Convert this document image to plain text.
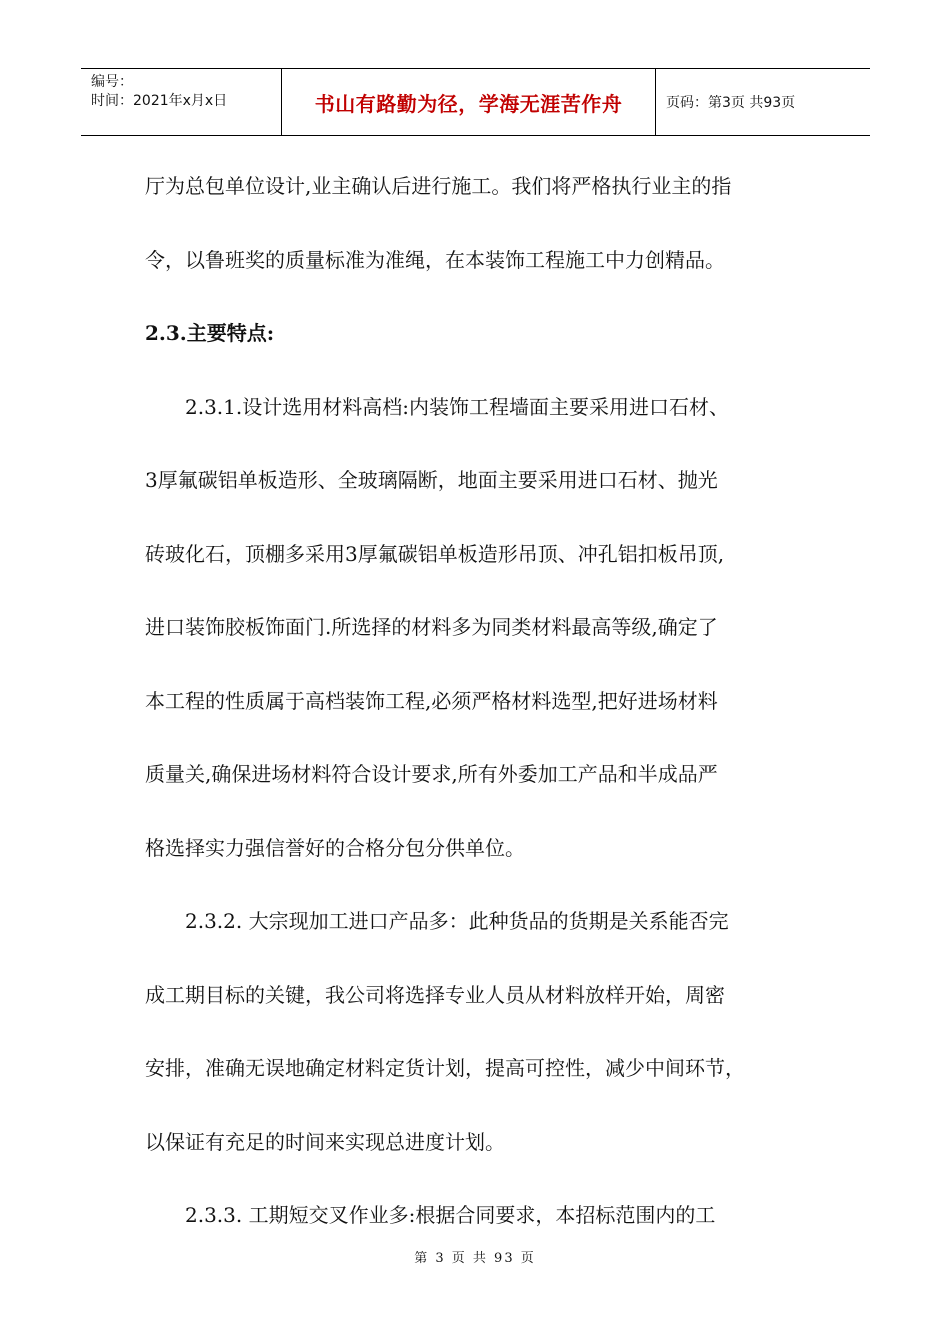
编号：
时间：2021年x月x日	书山有路勤为径，学海无涯苦作舟	页码：第3页 共93页
厅为总包单位设计,业主确认后进行施工。我们将严格执行业主的指
令，以鲁班奖的质量标准为准绳，在本装饰工程施工中力创精品。
2.3.主要特点:
　　2.3.1.设计选用材料高档:内装饰工程墙面主要采用进口石材、
3厚氟碳铝单板造形、全玻璃隔断，地面主要采用进口石材、抛光
砖玻化石，顶棚多采用3厚氟碳铝单板造形吊顶、冲孔铝扣板吊顶,
进口装饰胶板饰面门.所选择的材料多为同类材料最高等级,确定了
本工程的性质属于高档装饰工程,必须严格材料选型,把好进场材料
质量关,确保进场材料符合设计要求,所有外委加工产品和半成品严
格选择实力强信誉好的合格分包分供单位。
　　2.3.2. 大宗现加工进口产品多：此种货品的货期是关系能否完
成工期目标的关键，我公司将选择专业人员从材料放样开始，周密
安排，准确无误地确定材料定货计划，提高可控性，减少中间环节，
以保证有充足的时间来实现总进度计划。
　　2.3.3. 工期短交叉作业多:根据合同要求，本招标范围内的工
第 3 页 共 93 页
